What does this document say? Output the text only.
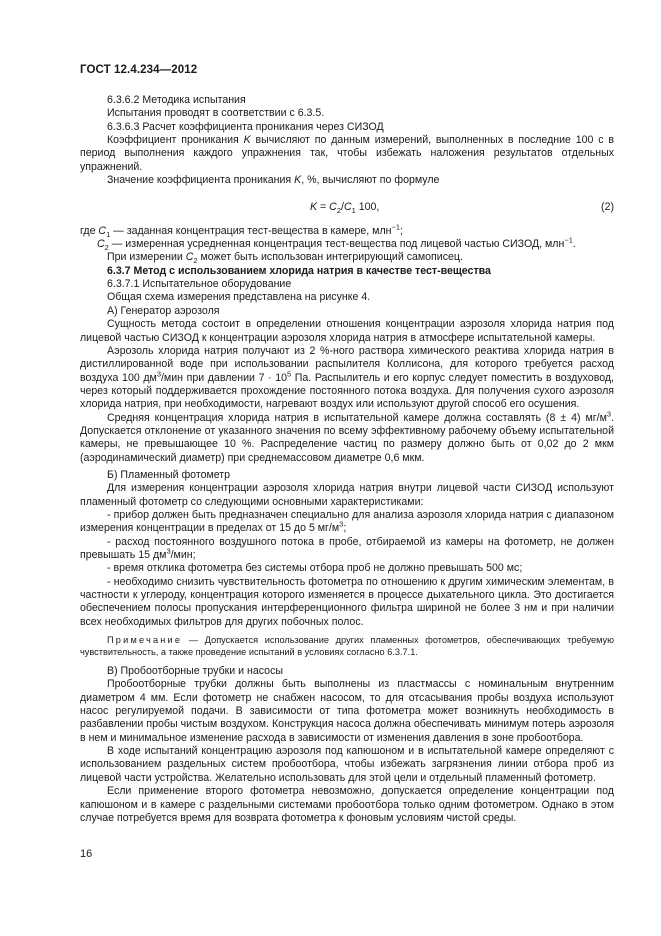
ГОСТ 12.4.234—2012

6.3.6.2 Методика испытания

Испытания проводят в соответствии с 6.3.5.

6.3.6.3 Расчет коэффициента проникания через СИЗОД

Коэффициент проникания K вычисляют по данным измерений, выполненных в последние 100 с в период выполнения каждого упражнения так, чтобы избежать наложения результатов отдельных упражнений.

Значение коэффициента проникания K, %, вычисляют по формуле

$K = C_2/C_1$ 100,	(2)

где $C_1$ — заданная концентрация тест-вещества в камере, млн$^{-1}$;

$C_2$ — измеренная усредненная концентрация тест-вещества под лицевой частью СИЗОД, млн$^{-1}$.

При измерении $C_2$ может быть использован интегрирующий самописец.

6.3.7 Метод с использованием хлорида натрия в качестве тест-вещества

6.3.7.1 Испытательное оборудование

Общая схема измерения представлена на рисунке 4.

А) Генератор аэрозоля

Сущность метода состоит в определении отношения концентрации аэрозоля хлорида натрия под лицевой частью СИЗОД к концентрации аэрозоля хлорида натрия в атмосфере испытательной камеры.

Аэрозоль хлорида натрия получают из 2 %-ного раствора химического реактива хлорида натрия в дистиллированной воде при использовании распылителя Коллисона, для которого требуется расход воздуха 100 $дм^3$/мин при давлении $7 \cdot 10^5$ Па. Распылитель и его корпус следует поместить в воздуховод, через который поддерживается прохождение постоянного потока воздуха. Для получения сухого аэрозоля хлорида натрия, при необходимости, нагревают воздух или используют другой способ его осушения.

Средняя концентрация хлорида натрия в испытательной камере должна составлять (8 ± 4) $мг/м^3$. Допускается отклонение от указанного значения по всему эффективному рабочему объему испытательной камеры, не превышающее 10 %. Распределение частиц по размеру должно быть от 0,02 до 2 мкм (аэродинамический диаметр) при среднемассовом диаметре 0,6 мкм.

Б) Пламенный фотометр

Для измерения концентрации аэрозоля хлорида натрия внутри лицевой части СИЗОД используют пламенный фотометр со следующими основными характеристиками:

- прибор должен быть предназначен специально для анализа аэрозоля хлорида натрия с диапазоном измерения концентрации в пределах от 15 до 5 $мг/м^3$;

- расход постоянного воздушного потока в пробе, отбираемой из камеры на фотометр, не должен превышать 15 $дм^3$/мин;

- время отклика фотометра без системы отбора проб не должно превышать 500 мс;

- необходимо снизить чувствительность фотометра по отношению к другим химическим элементам, в частности к углероду, концентрация которого изменяется в процессе дыхательного цикла. Это достигается обеспечением полосы пропускания интерференционного фильтра шириной не более 3 нм и при наличии всех необходимых фильтров для других побочных полос.

Примечание — Допускается использование других пламенных фотометров, обеспечивающих требуемую чувствительность, а также проведение испытаний в условиях согласно 6.3.7.1.

В) Пробоотборные трубки и насосы

Пробоотборные трубки должны быть выполнены из пластмассы с номинальным внутренним диаметром 4 мм. Если фотометр не снабжен насосом, то для отсасывания пробы воздуха используют насос регулируемой подачи. В зависимости от типа фотометра может возникнуть необходимость в разбавлении пробы чистым воздухом. Конструкция насоса должна обеспечивать минимум потерь аэрозоля в нем и минимальное изменение расхода в зависимости от изменения давления в зоне пробоотбора.

В ходе испытаний концентрацию аэрозоля под капюшоном и в испытательной камере определяют с использованием раздельных систем пробоотбора, чтобы избежать загрязнения линии отбора проб из лицевой части устройства. Желательно использовать для этой цели и отдельный пламенный фотометр.

Если применение второго фотометра невозможно, допускается определение концентрации под капюшоном и в камере с раздельными системами пробоотбора только одним фотометром. Однако в этом случае потребуется время для возврата фотометра к фоновым условиям чистой среды.

16
